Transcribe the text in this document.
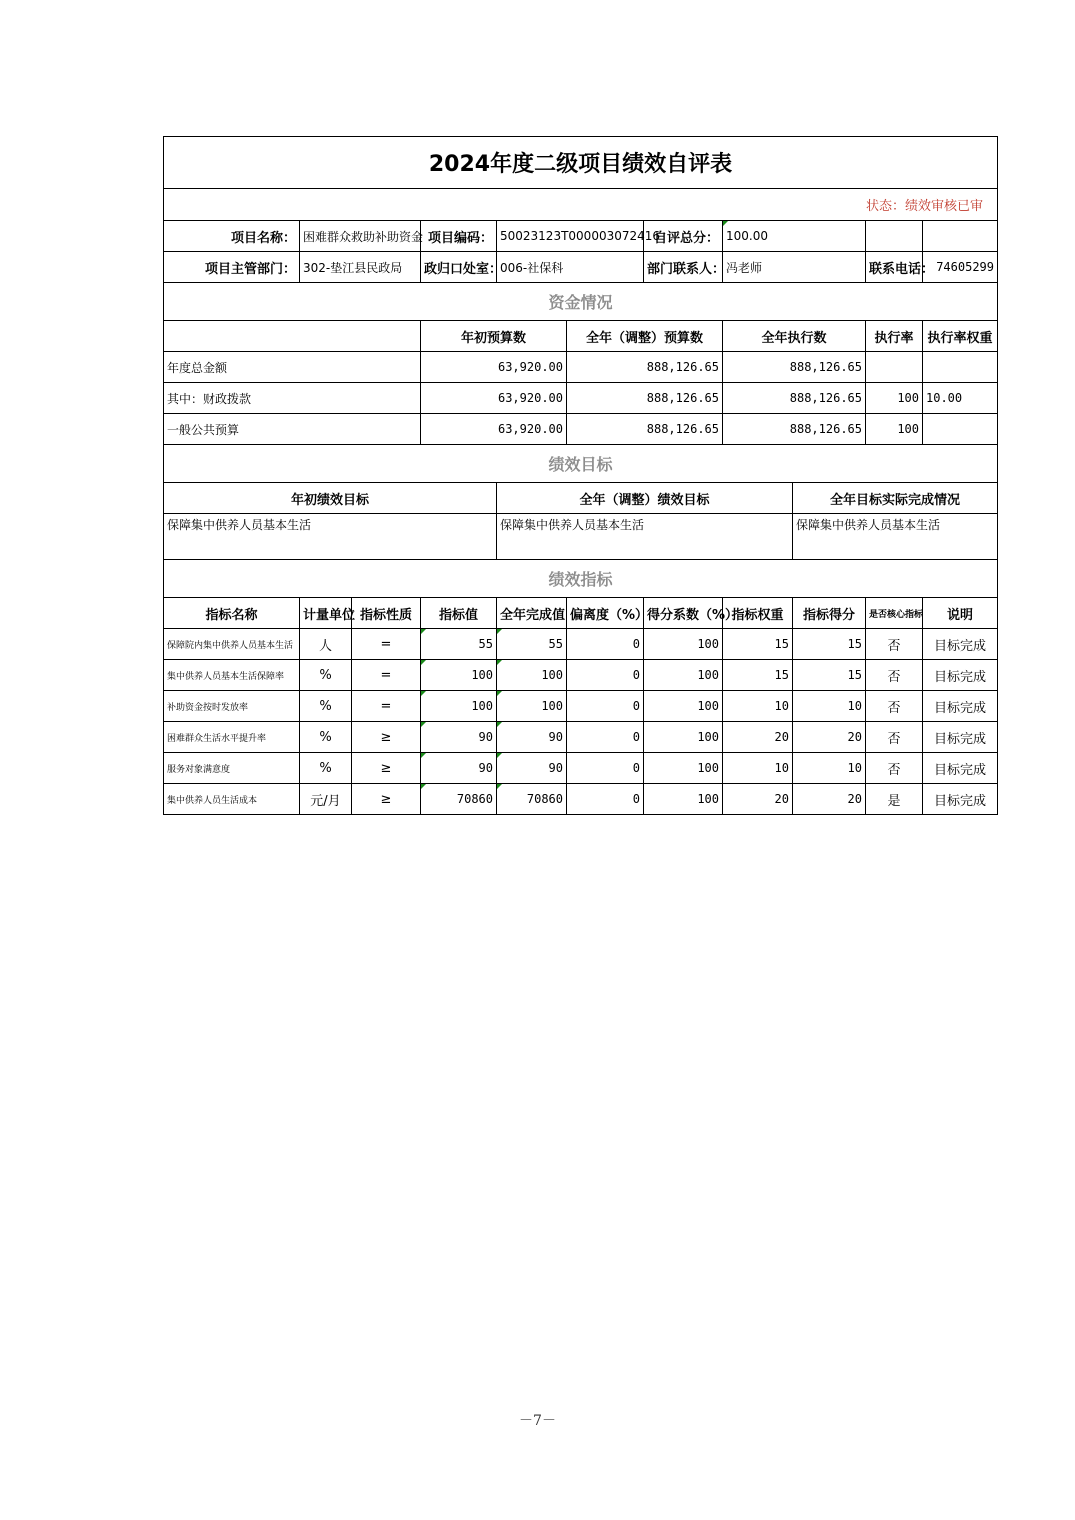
2024年度二级项目绩效自评表											
状态：绩效审核已审											
项目名称：	困难群众救助补助资金		项目编码：	50023123T000003072416		自评总分：	100.00				
项目主管部门：	302-垫江县民政局		政归口处室：	006-社保科		部门联系人：	冯老师		联系电话：	74605299	
资金情况											
			年初预算数		全年（调整）预算数		全年执行数		执行率	执行率权重	
年度总金额			63,920.00		888,126.65		888,126.65				
其中：财政拨款			63,920.00		888,126.65		888,126.65		100	10.00	
一般公共预算			63,920.00		888,126.65		888,126.65		100		
绩效目标											
年初绩效目标				全年（调整）绩效目标				全年目标实际完成情况			
保障集中供养人员基本生活				保障集中供养人员基本生活				保障集中供养人员基本生活			
绩效指标											
指标名称	计量单位	指标性质	指标值	全年完成值	偏离度（%）	得分系数（%）	指标权重	指标得分	是否核心指标	说明	
保障院内集中供养人员基本生活	人	=	55	55	0	100	15	15	否	目标完成	
集中供养人员基本生活保障率	%	=	100	100	0	100	15	15	否	目标完成	
补助资金按时发放率	%	=	100	100	0	100	10	10	否	目标完成	
困难群众生活水平提升率	%	≥	90	90	0	100	20	20	否	目标完成	
服务对象满意度	%	≥	90	90	0	100	10	10	否	目标完成	
集中供养人员生活成本	元/月	≥	70860	70860	0	100	20	20	是	目标完成	
－7－
